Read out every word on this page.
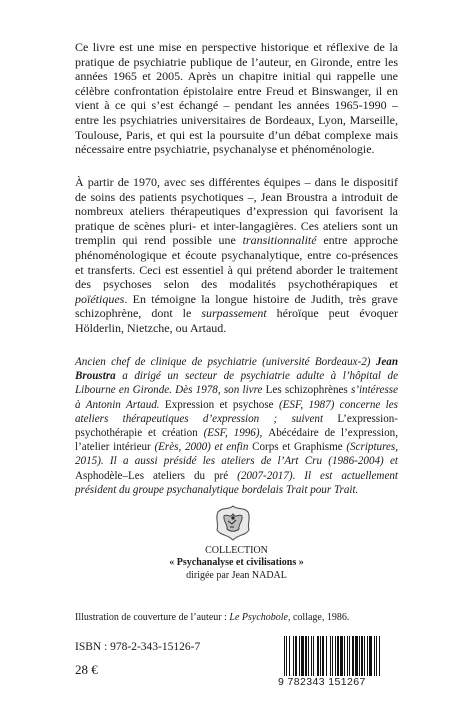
Ce livre est une mise en perspective historique et réflexive de la pratique de psychiatrie publique de l’auteur, en Gironde, entre les années 1965 et 2005. Après un chapitre initial qui rappelle une célèbre confrontation épistolaire entre Freud et Binswanger, il en vient à ce qui s’est échangé – pendant les années 1965-1990 – entre les psychiatries universitaires de Bordeaux, Lyon, Marseille, Toulouse, Paris, et qui est la poursuite d’un débat complexe mais nécessaire entre psychiatrie, psychanalyse et phénoménologie.

À partir de 1970, avec ses différentes équipes – dans le dispositif de soins des patients psychotiques –, Jean Broustra a introduit de nombreux ateliers thérapeutiques d’expression qui favorisent la pratique de scènes pluri- et inter-langagières. Ces ateliers sont un tremplin qui rend possible une transitionnalité entre approche phénoménologique et écoute psychanalytique, entre co-présences et transferts. Ceci est essentiel à qui prétend aborder le traitement des psychoses selon des modalités psychothérapiques et poïétiques. En témoigne la longue histoire de Judith, très grave schizophrène, dont le surpassement héroïque peut évoquer Hölderlin, Nietzche, ou Artaud.

Ancien chef de clinique de psychiatrie (université Bordeaux-2) Jean Broustra a dirigé un secteur de psychiatrie adulte à l’hôpital de Libourne en Gironde. Dès 1978, son livre Les schizophrènes s’intéresse à Antonin Artaud. Expression et psychose (ESF, 1987) concerne les ateliers thérapeutiques d’expression ; suivent L’expression-psychothérapie et création (ESF, 1996), Abécédaire de l’expression, l’atelier intérieur (Erès, 2000) et enfin Corps et Graphisme (Scriptures, 2015). Il a aussi présidé les ateliers de l’Art Cru (1986-2004) et Asphodèle–Les ateliers du pré (2007-2017). Il est actuellement président du groupe psychanalytique bordelais Trait pour Trait.

COLLECTION
« Psychanalyse et civilisations »
dirigée par Jean NADAL
Illustration de couverture de l’auteur : Le Psychobole, collage, 1986.
ISBN : 978-2-343-15126-7
28 €
9 782343 151267
